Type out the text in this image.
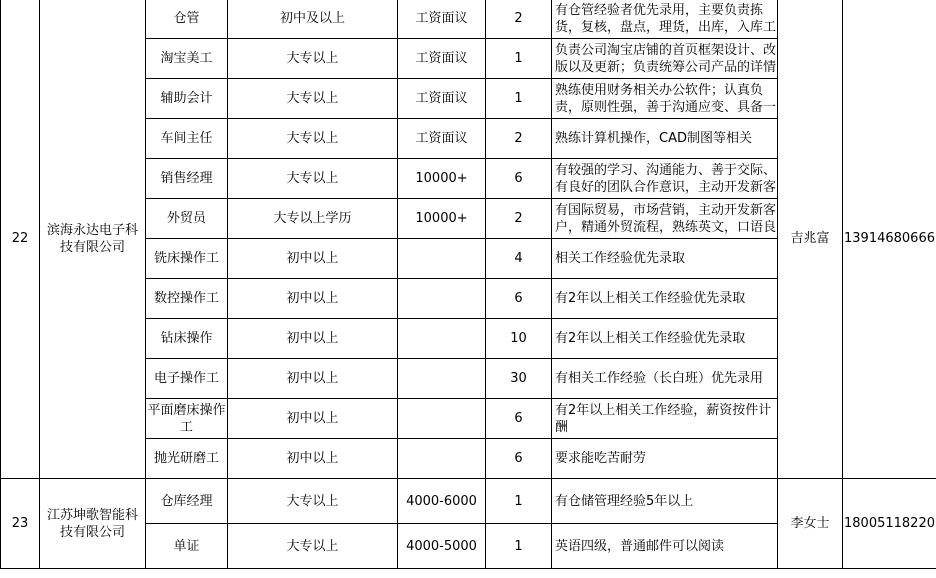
22	滨海永达电子科技有限公司	仓管	初中及以上	工资面议	2	有仓管经验者优先录用，主要负责拣货，复核，盘点，理货，出库，入库工	吉兆富	13914680666
		淘宝美工	大专以上	工资面议	1	负责公司淘宝店铺的首页框架设计、改版以及更新；负责统筹公司产品的详情		

		辅助会计	大专以上	工资面议	1	熟练使用财务相关办公软件；认真负责，原则性强，善于沟通应变、具备一		

		车间主任	大专以上	工资面议	2	熟练计算机操作，CAD制图等相关		

		销售经理	大专以上	10000+	6	有较强的学习、沟通能力、善于交际、有良好的团队合作意识，主动开发新客		

		外贸员	大专以上学历	10000+	2	有国际贸易，市场营销，主动开发新客户，精通外贸流程，熟练英文，口语良		

		铣床操作工	初中以上		4	相关工作经验优先录取		

		数控操作工	初中以上		6	有2年以上相关工作经验优先录取		

		钻床操作	初中以上		10	有2年以上相关工作经验优先录取		

		电子操作工	初中以上		30	有相关工作经验（长白班）优先录用		

		平面磨床操作工	初中以上		6	有2年以上相关工作经验，薪资按件计酬		

		抛光研磨工	初中以上		6	要求能吃苦耐劳		

23	江苏坤歌智能科技有限公司	仓库经理	大专以上	4000-6000	1	有仓储管理经验5年以上	李女士	18005118220
		单证	大专以上	4000-5000	1	英语四级，普通邮件可以阅读		
